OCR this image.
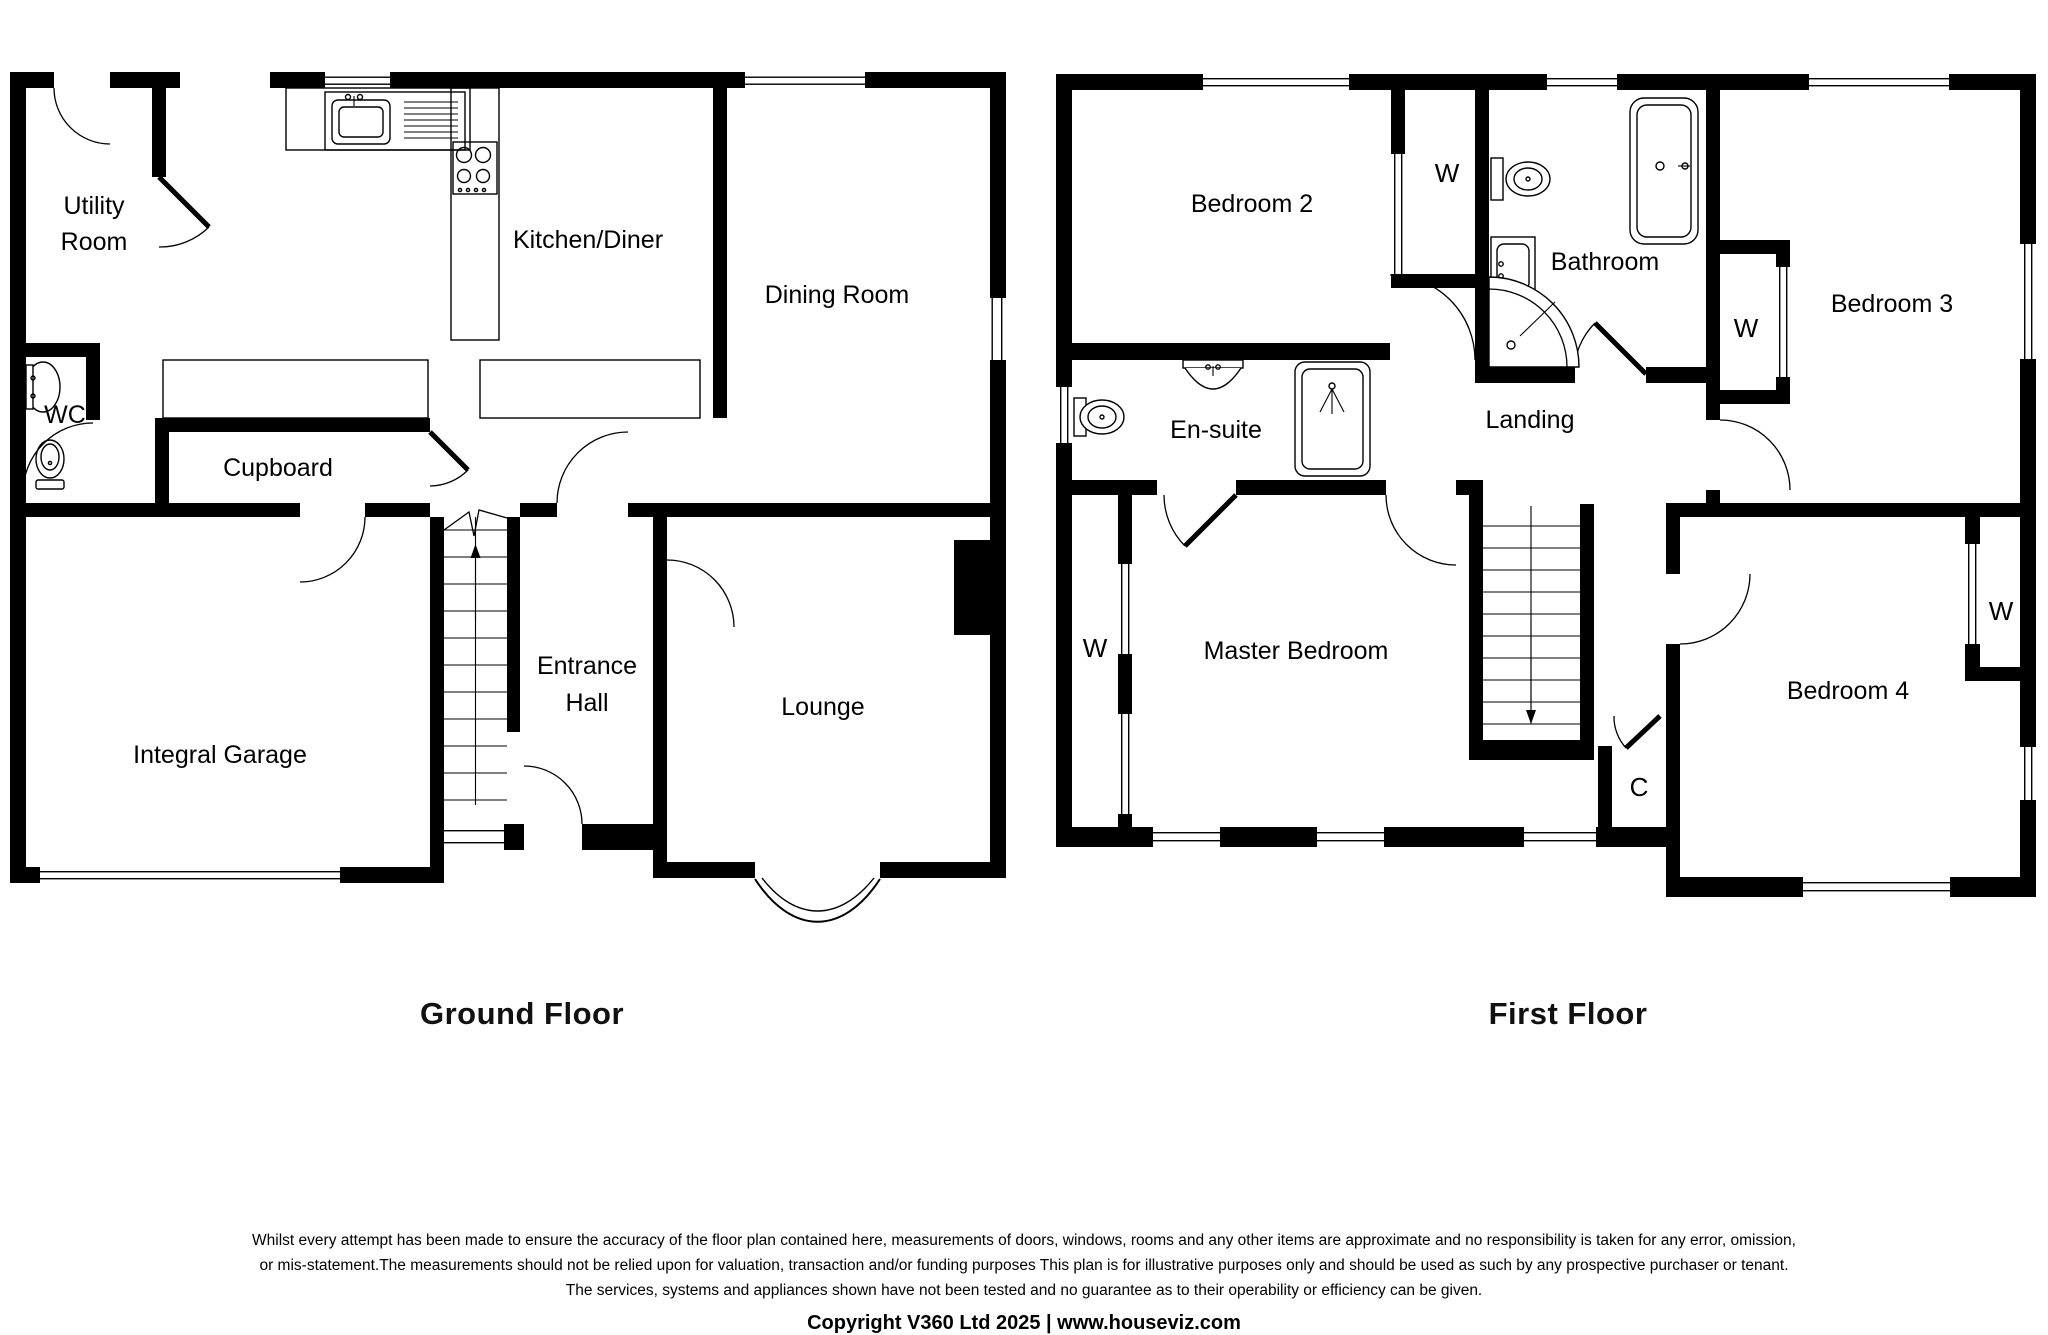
Utility
Room	Kitchen/Diner
Dining Room
WC
Cupboard
Integral Garage
Entrance
Hall	Lounge
Bedroom 2
Bathroom
Bedroom 3
En-suite	Landing
Master Bedroom
Bedroom 4
W
W
W
W
C
Ground Floor	First Floor
Whilst every attempt has been made to ensure the accuracy of the floor plan contained here, measurements of doors, windows, rooms and any other items are approximate and no responsibility is taken for any error, omission,
or mis-statement.The measurements should not be relied upon for valuation, transaction and/or funding purposes This plan is for illustrative purposes only and should be used as such by any prospective purchaser or tenant.
The services, systems and appliances shown have not been tested and no guarantee as to their operability or efficiency can be given.
Copyright V360 Ltd 2025 | www.houseviz.com
